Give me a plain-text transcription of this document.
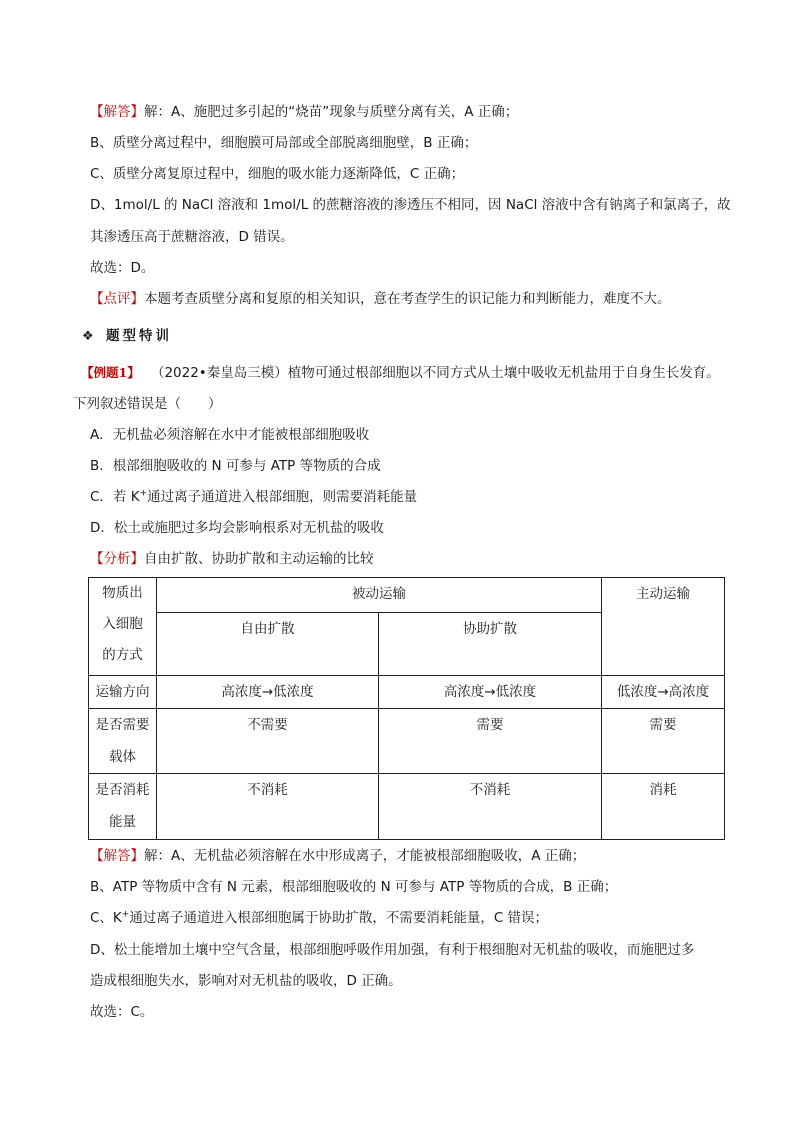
【解答】解：A、施肥过多引起的“烧苗”现象与质壁分离有关，A 正确；
B、质壁分离过程中，细胞膜可局部或全部脱离细胞壁，B 正确；
C、质壁分离复原过程中，细胞的吸水能力逐渐降低，C 正确；
D、1mol/L 的 NaCl 溶液和 1mol/L 的蔗糖溶液的渗透压不相同，因 NaCl 溶液中含有钠离子和氯离子，故
其渗透压高于蔗糖溶液，D 错误。
故选：D。
【点评】本题考查质壁分离和复原的相关知识，意在考查学生的识记能力和判断能力，难度不大。
❖ 题型特训
【例题1】 （2022•秦皇岛三模）植物可通过根部细胞以不同方式从土壤中吸收无机盐用于自身生长发育。
下列叙述错误是（　　）
A．无机盐必须溶解在水中才能被根部细胞吸收
B．根部细胞吸收的 N 可参与 ATP 等物质的合成
C．若 K+通过离子通道进入根部细胞，则需要消耗能量
D．松土或施肥过多均会影响根系对无机盐的吸收
【分析】自由扩散、协助扩散和主动运输的比较
物质出
入细胞
的方式	被动运输		主动运输

	自由扩散	协助扩散	

运输方向	高浓度→低浓度	高浓度→低浓度	低浓度→高浓度

是否需要
载体	不需要	需要	需要

是否消耗
能量	不消耗	不消耗	消耗
【解答】解：A、无机盐必须溶解在水中形成离子，才能被根部细胞吸收，A 正确；
B、ATP 等物质中含有 N 元素，根部细胞吸收的 N 可参与 ATP 等物质的合成，B 正确；
C、K+通过离子通道进入根部细胞属于协助扩散，不需要消耗能量，C 错误；
D、松土能增加土壤中空气含量，根部细胞呼吸作用加强，有利于根细胞对无机盐的吸收，而施肥过多
造成根细胞失水，影响对对无机盐的吸收，D 正确。
故选：C。
